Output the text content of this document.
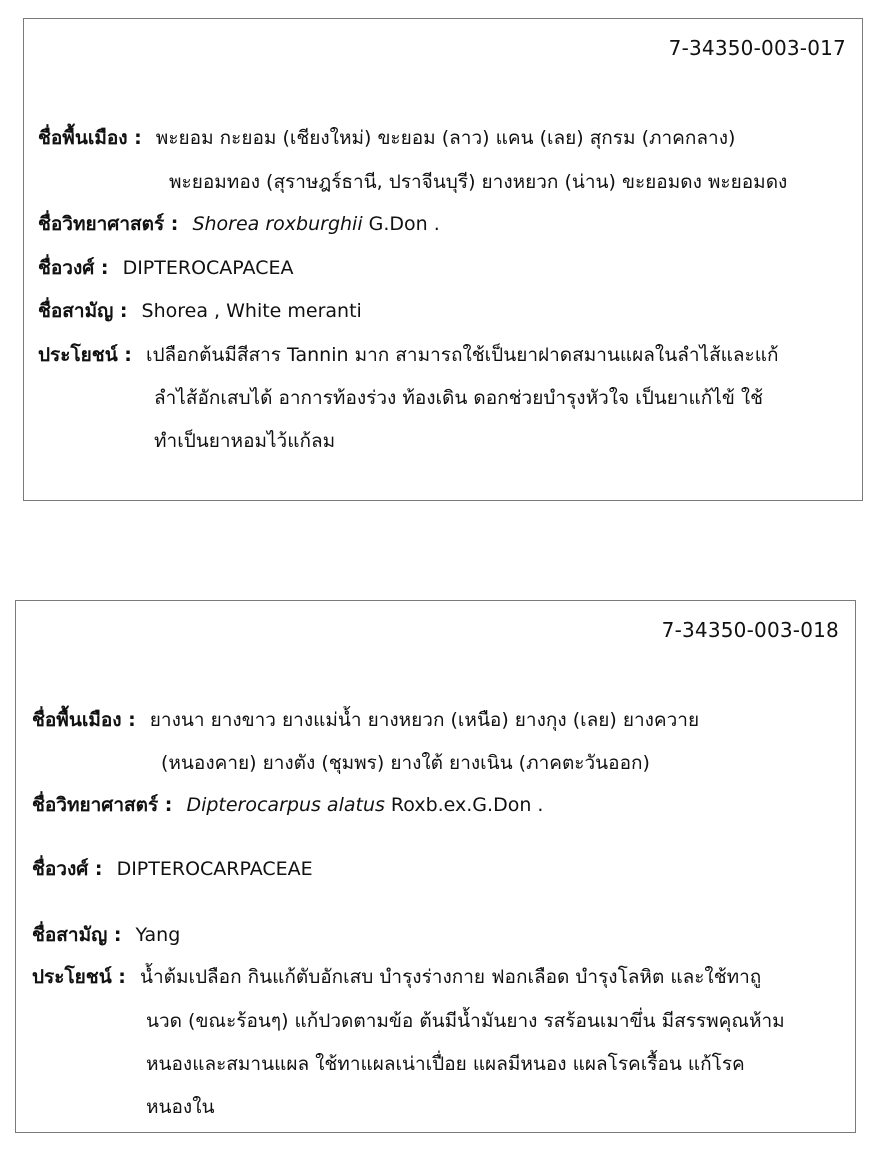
7-34350-003-017
ชื่อพื้นเมือง : พะยอม กะยอม (เชียงใหม่) ขะยอม (ลาว) แคน (เลย) สุกรม (ภาคกลาง)
พะยอมทอง (สุราษฎร์ธานี, ปราจีนบุรี) ยางหยวก (น่าน) ขะยอมดง พะยอมดง
ชื่อวิทยาศาสตร์ : Shorea roxburghii G.Don .
ชื่อวงศ์ : DIPTEROCAPACEA
ชื่อสามัญ : Shorea , White meranti
ประโยชน์ : เปลือกต้นมีสีสาร Tannin มาก สามารถใช้เป็นยาฝาดสมานแผลในลำไส้และแก้
ลำไส้อักเสบได้ อาการท้องร่วง ท้องเดิน ดอกช่วยบำรุงหัวใจ เป็นยาแก้ไข้ ใช้
ทำเป็นยาหอมไว้แก้ลม
7-34350-003-018
ชื่อพื้นเมือง : ยางนา ยางขาว ยางแม่น้ำ ยางหยวก (เหนือ) ยางกุง (เลย) ยางควาย
(หนองคาย) ยางตัง (ชุมพร) ยางใต้ ยางเนิน (ภาคตะวันออก)
ชื่อวิทยาศาสตร์ : Dipterocarpus alatus Roxb.ex.G.Don .
ชื่อวงศ์ : DIPTEROCARPACEAE
ชื่อสามัญ : Yang
ประโยชน์ : น้ำต้มเปลือก กินแก้ตับอักเสบ บำรุงร่างกาย ฟอกเลือด บำรุงโลหิต และใช้ทาถู
นวด (ขณะร้อนๆ) แก้ปวดตามข้อ ต้นมีน้ำมันยาง รสร้อนเมาขึ่น มีสรรพคุณห้าม
หนองและสมานแผล ใช้ทาแผลเน่าเปื่อย แผลมีหนอง แผลโรคเรื้อน แก้โรค
หนองใน
